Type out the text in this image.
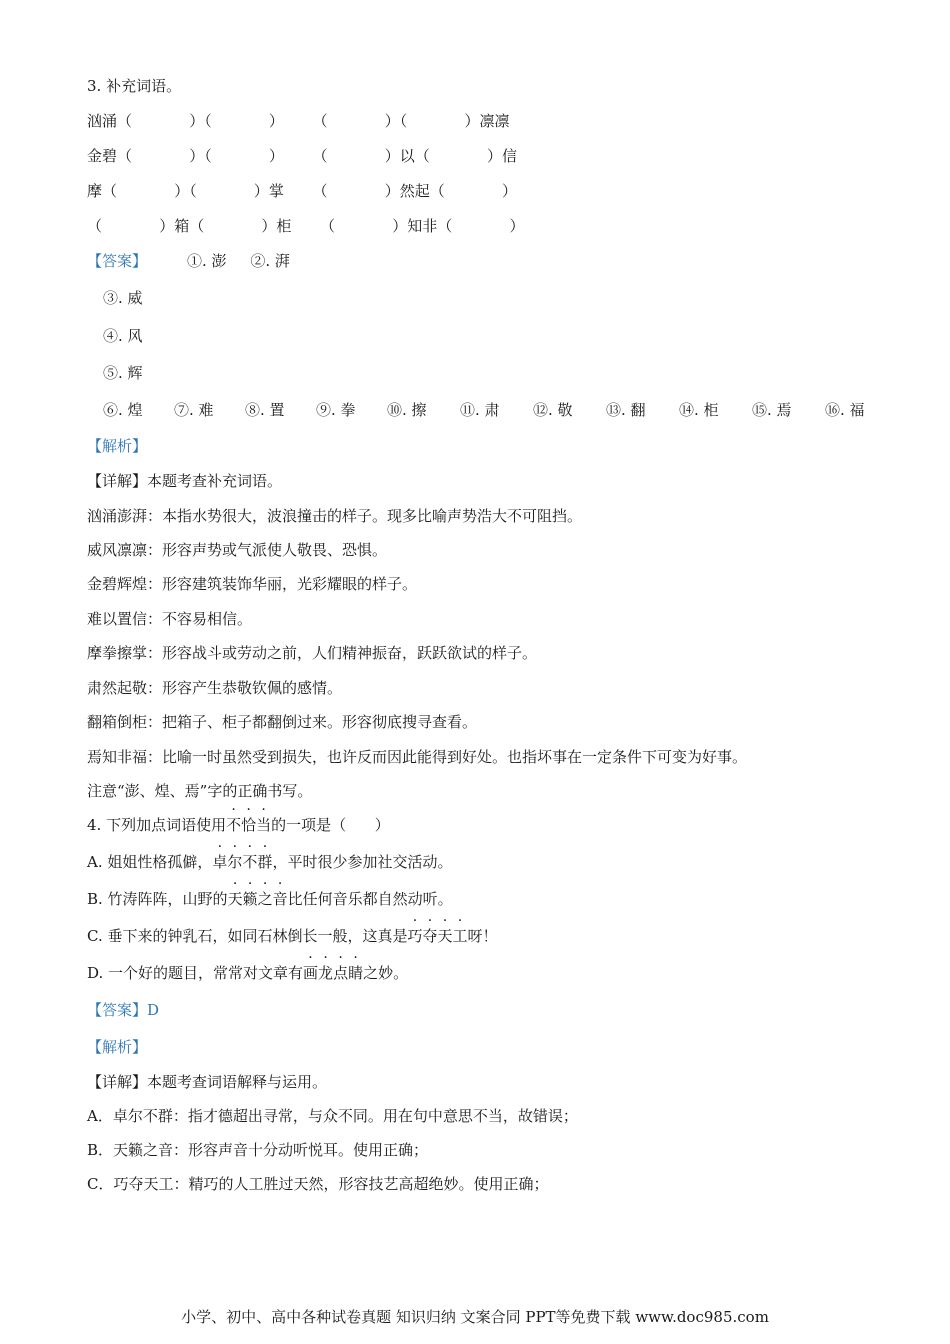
3. 补充词语。
汹涌（            ）（            ）      （            ）（            ）凛凛
金碧（            ）（            ）      （            ）以（            ）信
摩（            ）（            ）掌      （            ）然起（            ）
（            ）箱（            ）柜      （            ）知非（            ）
【答案】	①. 澎     ②. 湃
③. 威
④. 风
⑤. 辉
⑥. 煌 ⑦. 难 ⑧. 置 ⑨. 拳 ⑩. 擦 ⑪. 肃 ⑫. 敬 ⑬. 翻 ⑭. 柜 ⑮. 焉 ⑯. 福
【解析】
【详解】本题考查补充词语。
汹涌澎湃：本指水势很大，波浪撞击的样子。现多比喻声势浩大不可阻挡。
威风凛凛：形容声势或气派使人敬畏、恐惧。
金碧辉煌：形容建筑装饰华丽，光彩耀眼的样子。
难以置信：不容易相信。
摩拳擦掌：形容战斗或劳动之前，人们精神振奋，跃跃欲试的样子。
肃然起敬：形容产生恭敬钦佩的感情。
翻箱倒柜：把箱子、柜子都翻倒过来。形容彻底搜寻查看。
焉知非福：比喻一时虽然受到损失，也许反而因此能得到好处。也指坏事在一定条件下可变为好事。
注意“澎、煌、焉”字的正确书写。
4. 下列加点词语使用不恰当的一项是（      ）
A. 姐姐性格孤僻，卓尔不群，平时很少参加社交活动。
B. 竹涛阵阵，山野的天籁之音比任何音乐都自然动听。
C. 垂下来的钟乳石，如同石林倒长一般，这真是巧夺天工呀！
D. 一个好的题目，常常对文章有画龙点睛之妙。
【答案】D
【解析】
【详解】本题考查词语解释与运用。
A．卓尔不群：指才德超出寻常，与众不同。用在句中意思不当，故错误；
B．天籁之音：形容声音十分动听悦耳。使用正确；
C．巧夺天工：精巧的人工胜过天然，形容技艺高超绝妙。使用正确；
小学、初中、高中各种试卷真题 知识归纳 文案合同 PPT等免费下载 www.doc985.com
